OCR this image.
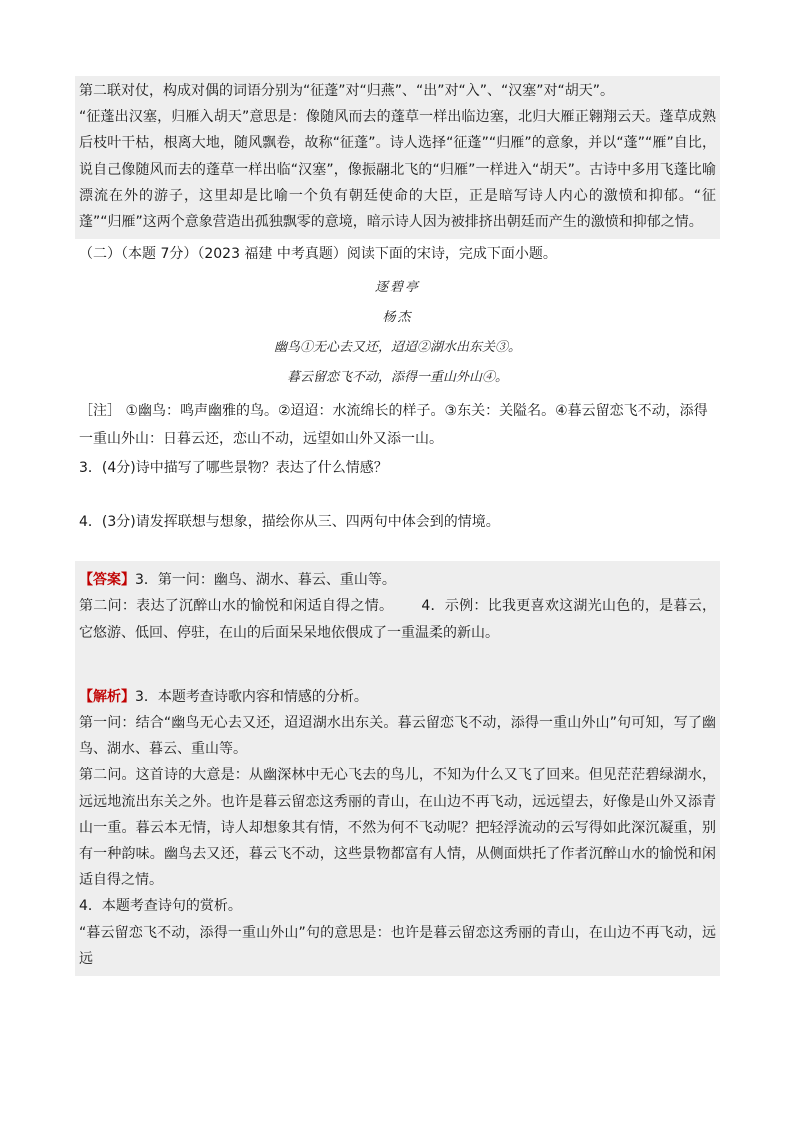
第二联对仗，构成对偶的词语分别为“征蓬”对“归燕”、“出”对“入”、“汉塞”对“胡天”。

“征蓬出汉塞，归雁入胡天”意思是：像随风而去的蓬草一样出临边塞，北归大雁正翱翔云天。蓬草成熟后枝叶干枯，根离大地，随风飘卷，故称“征蓬”。诗人选择“征蓬”“归雁”的意象，并以“蓬”“雁”自比，说自己像随风而去的蓬草一样出临“汉塞”，像振翮北飞的“归雁”一样进入“胡天”。古诗中多用飞蓬比喻漂流在外的游子，这里却是比喻一个负有朝廷使命的大臣，正是暗写诗人内心的激愤和抑郁。“征蓬”“归雁”这两个意象营造出孤独飘零的意境，暗示诗人因为被排挤出朝廷而产生的激愤和抑郁之情。

（二）（本题 7分）（2023 福建 中考真题）阅读下面的宋诗，完成下面小题。

逐碧亭
杨杰
幽鸟①无心去又还，迢迢②湖水出东关③。
暮云留恋飞不动，添得一重山外山④。

［注］ ①幽鸟：鸣声幽雅的鸟。②迢迢：水流绵长的样子。③东关：关隘名。④暮云留恋飞不动，添得一重山外山：日暮云还，恋山不动，远望如山外又添一山。

3．(4分)诗中描写了哪些景物？表达了什么情感？

4．(3分)请发挥联想与想象，描绘你从三、四两句中体会到的情境。

【答案】3．第一问：幽鸟、湖水、暮云、重山等。

第二问：表达了沉醉山水的愉悦和闲适自得之情。 4．示例：比我更喜欢这湖光山色的，是暮云，它悠游、低回、停驻，在山的后面呆呆地依偎成了一重温柔的新山。

【解析】3．本题考查诗歌内容和情感的分析。

第一问：结合“幽鸟无心去又还，迢迢湖水出东关。暮云留恋飞不动，添得一重山外山”句可知，写了幽鸟、湖水、暮云、重山等。

第二问。这首诗的大意是：从幽深林中无心飞去的鸟儿，不知为什么又飞了回来。但见茫茫碧绿湖水，远远地流出东关之外。也许是暮云留恋这秀丽的青山，在山边不再飞动，远远望去，好像是山外又添青山一重。暮云本无情，诗人却想象其有情，不然为何不飞动呢？把轻浮流动的云写得如此深沉凝重，别有一种韵味。幽鸟去又还，暮云飞不动，这些景物都富有人情，从侧面烘托了作者沉醉山水的愉悦和闲适自得之情。

4．本题考查诗句的赏析。

“暮云留恋飞不动，添得一重山外山”句的意思是：也许是暮云留恋这秀丽的青山，在山边不再飞动，远远
